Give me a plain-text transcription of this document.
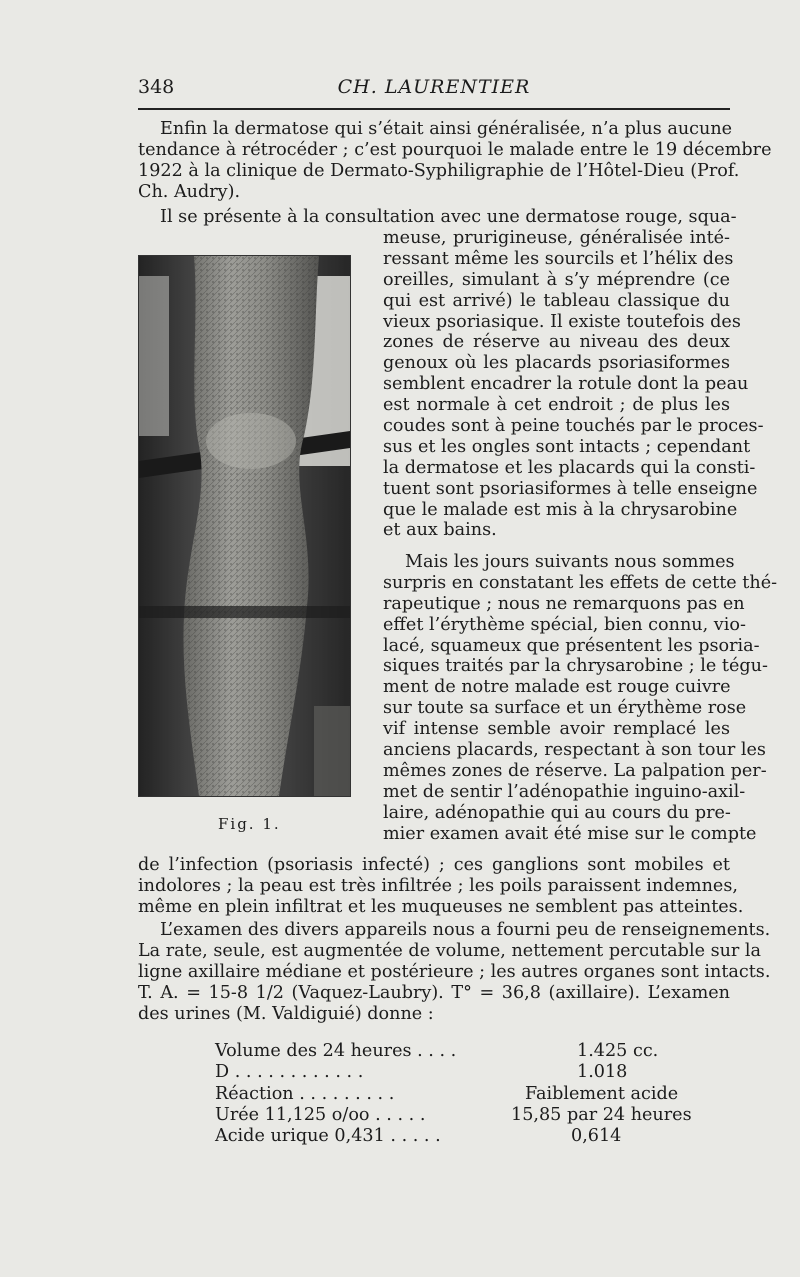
348	CH. LAURENTIER
Enfin la dermatose qui s’était ainsi généralisée, n’a plus aucune
tendance à rétrocéder ; c’est pourquoi le malade entre le 19 décembre
1922 à la clinique de Dermato-Syphiligraphie de l’Hôtel-Dieu (Prof.
Ch. Audry).
Il se présente à la consultation avec une dermatose rouge, squa-
Fig. 1.
meuse, prurigineuse, généralisée inté-
ressant même les sourcils et l’hélix des
oreilles, simulant à s’y méprendre (ce
qui est arrivé) le tableau classique du
vieux psoriasique. Il existe toutefois des
zones de réserve au niveau des deux
genoux où les placards psoriasiformes
semblent encadrer la rotule dont la peau
est normale à cet endroit ; de plus les
coudes sont à peine touchés par le proces-
sus et les ongles sont intacts ; cependant
la dermatose et les placards qui la consti-
tuent sont psoriasiformes à telle enseigne
que le malade est mis à la chrysarobine
et aux bains.
Mais les jours suivants nous sommes
surpris en constatant les effets de cette thé-
rapeutique ; nous ne remarquons pas en
effet l’érythème spécial, bien connu, vio-
lacé, squameux que présentent les psoria-
siques traités par la chrysarobine ; le tégu-
ment de notre malade est rouge cuivre
sur toute sa surface et un érythème rose
vif intense semble avoir remplacé les
anciens placards, respectant à son tour les
mêmes zones de réserve. La palpation per-
met de sentir l’adénopathie inguino-axil-
laire, adénopathie qui au cours du pre-
mier examen avait été mise sur le compte
de l’infection (psoriasis infecté) ; ces ganglions sont mobiles et
indolores ; la peau est très infiltrée ; les poils paraissent indemnes,
même en plein infiltrat et les muqueuses ne semblent pas atteintes.
L’examen des divers appareils nous a fourni peu de renseignements.
La rate, seule, est augmentée de volume, nettement percutable sur la
ligne axillaire médiane et postérieure ; les autres organes sont intacts.
T. A. = 15-8 1/2 (Vaquez-Laubry). T° = 36,8 (axillaire). L’examen
des urines (M. Valdiguié) donne :
Volume des 24 heures . . . .	1.425 cc.
D . . . . . . . . . . . .	1.018
Réaction . . . . . . . . .	Faiblement acide
Urée 11,125 o/oo . . . . .	15,85 par 24 heures
Acide urique 0,431 . . . . .	0,614
